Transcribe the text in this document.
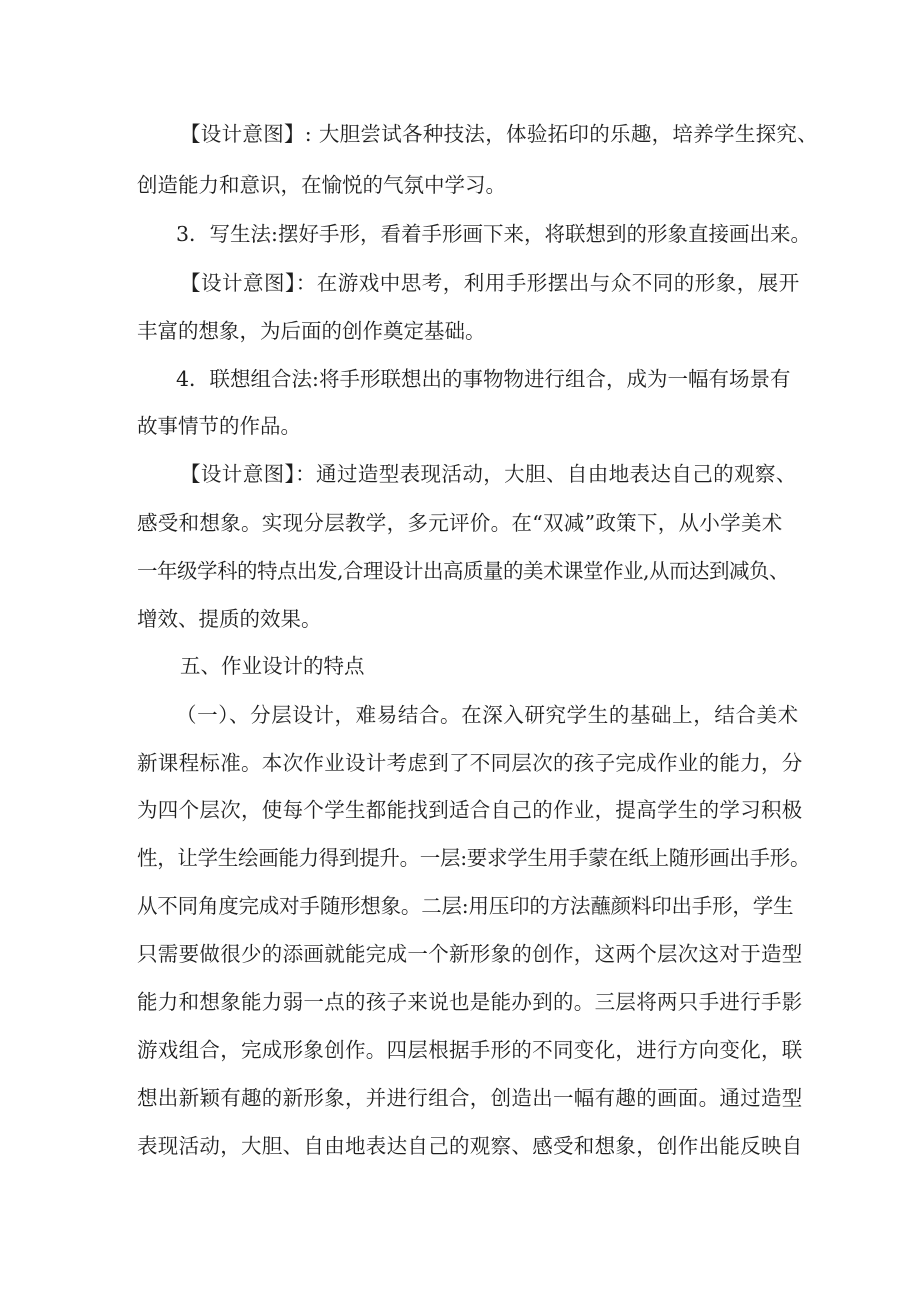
【设计意图】: 大胆尝试各种技法，体验拓印的乐趣，培养学生探究、

创造能力和意识，在愉悦的气氛中学习。

3．写生法:摆好手形，看着手形画下来，将联想到的形象直接画出来。

【设计意图】：在游戏中思考，利用手形摆出与众不同的形象，展开

丰富的想象，为后面的创作奠定基础。

4．联想组合法:将手形联想出的事物物进行组合，成为一幅有场景有

故事情节的作品。

【设计意图】：通过造型表现活动，大胆、自由地表达自己的观察、

感受和想象。实现分层教学，多元评价。在“双减”政策下，从小学美术

一年级学科的特点出发,合理设计出高质量的美术课堂作业,从而达到减负、

增效、提质的效果。

五、作业设计的特点

（一）、分层设计，难易结合。在深入研究学生的基础上，结合美术

新课程标准。本次作业设计考虑到了不同层次的孩子完成作业的能力，分

为四个层次，使每个学生都能找到适合自己的作业，提高学生的学习积极

性，让学生绘画能力得到提升。一层:要求学生用手蒙在纸上随形画出手形。

从不同角度完成对手随形想象。二层:用压印的方法蘸颜料印出手形，学生

只需要做很少的添画就能完成一个新形象的创作，这两个层次这对于造型

能力和想象能力弱一点的孩子来说也是能办到的。三层将两只手进行手影

游戏组合，完成形象创作。四层根据手形的不同变化，进行方向变化，联

想出新颖有趣的新形象，并进行组合，创造出一幅有趣的画面。通过造型

表现活动，大胆、自由地表达自己的观察、感受和想象，创作出能反映自
